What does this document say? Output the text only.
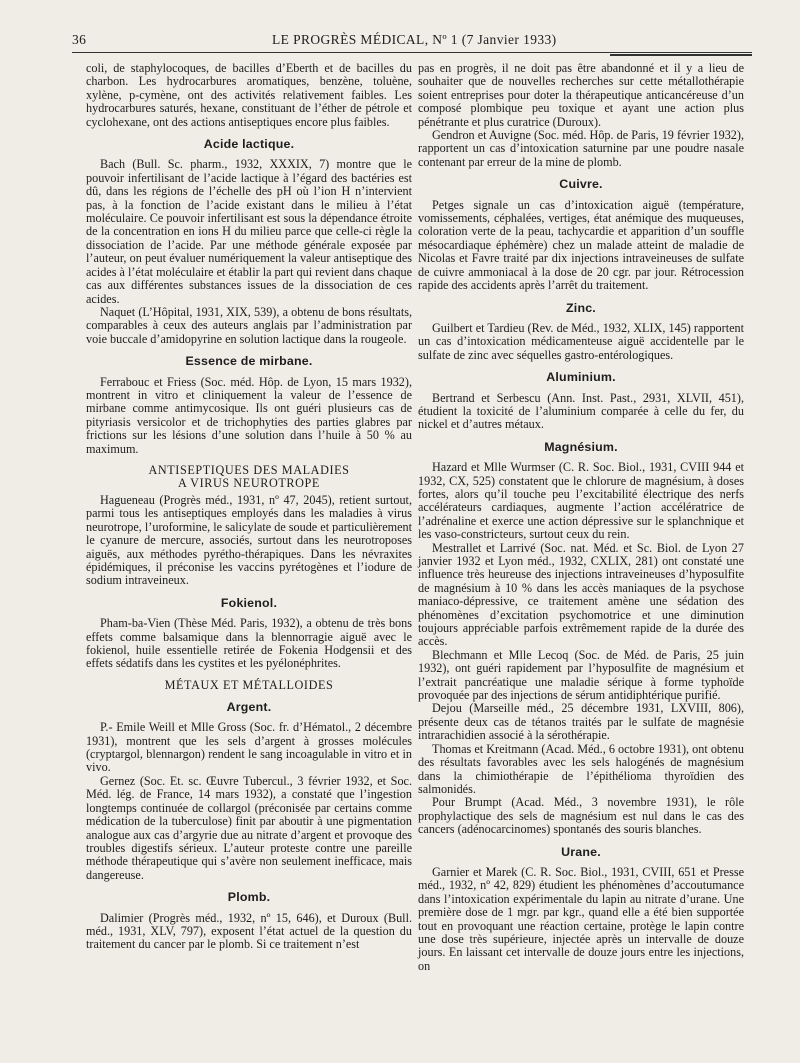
36	LE PROGRÈS MÉDICAL, Nº 1 (7 Janvier 1933)

coli, de staphylocoques, de bacilles d’Eberth et de bacilles du charbon. Les hydrocarbures aromatiques, benzène, toluène, xylène, p-cymène, ont des activités relativement faibles. Les hydrocarbures saturés, hexane, constituant de l’éther de pétrole et cyclohexane, ont des actions antiseptiques encore plus faibles.

Acide lactique.

Bach (Bull. Sc. pharm., 1932, XXXIX, 7) montre que le pouvoir infertilisant de l’acide lactique à l’égard des bactéries est dû, dans les régions de l’échelle des pH où l’ion H n’intervient pas, à la fonction de l’acide existant dans le milieu à l’état moléculaire. Ce pouvoir infertilisant est sous la dépendance étroite de la concentration en ions H du milieu parce que celle-ci règle la dissociation de l’acide. Par une méthode générale exposée par l’auteur, on peut évaluer numériquement la valeur antiseptique des acides à l’état moléculaire et établir la part qui revient dans chaque cas aux différentes substances issues de la dissociation de ces acides.

Naquet (L’Hôpital, 1931, XIX, 539), a obtenu de bons résultats, comparables à ceux des auteurs anglais par l’administration par voie buccale d’amidopyrine en solution lactique dans la rougeole.

Essence de mirbane.

Ferrabouc et Friess (Soc. méd. Hôp. de Lyon, 15 mars 1932), montrent in vitro et cliniquement la valeur de l’essence de mirbane comme antimycosique. Ils ont guéri plusieurs cas de pityriasis versicolor et de trichophyties des parties glabres par frictions sur les lésions d’une solution dans l’huile à 50 % au maximum.

ANTISEPTIQUES DES MALADIES
A VIRUS NEUROTROPE

Hagueneau (Progrès méd., 1931, nº 47, 2045), retient surtout, parmi tous les antiseptiques employés dans les maladies à virus neurotrope, l’uroformine, le salicylate de soude et particulièrement le cyanure de mercure, associés, surtout dans les neurotroposes aiguës, aux méthodes pyrétho-thérapiques. Dans les névraxites épidémiques, il préconise les vaccins pyrétogènes et l’iodure de sodium intraveineux.

Fokienol.

Pham-ba-Vien (Thèse Méd. Paris, 1932), a obtenu de très bons effets comme balsamique dans la blennorragie aiguë avec le fokienol, huile essentielle retirée de Fokenia Hodgensii et des effets sédatifs dans les cystites et les pyélonéphrites.

MÉTAUX ET MÉTALLOIDES
Argent.

P.- Emile Weill et Mlle Gross (Soc. fr. d’Hématol., 2 décembre 1931), montrent que les sels d’argent à grosses molécules (cryptargol, blennargon) rendent le sang incoagulable in vitro et in vivo.

Gernez (Soc. Et. sc. Œuvre Tubercul., 3 février 1932, et Soc. Méd. lég. de France, 14 mars 1932), a constaté que l’ingestion longtemps continuée de collargol (préconisée par certains comme médication de la tuberculose) finit par aboutir à une pigmentation analogue aux cas d’argyrie due au nitrate d’argent et provoque des troubles digestifs sérieux. L’auteur proteste contre une pareille méthode thérapeutique qui s’avère non seulement inefficace, mais dangereuse.

Plomb.

Dalimier (Progrès méd., 1932, nº 15, 646), et Duroux (Bull. méd., 1931, XLV, 797), exposent l’état actuel de la question du traitement du cancer par le plomb. Si ce traitement n’est

pas en progrès, il ne doit pas être abandonné et il y a lieu de souhaiter que de nouvelles recherches sur cette métallothérapie soient entreprises pour doter la thérapeutique anticancéreuse d’un composé plombique peu toxique et ayant une action plus pénétrante et plus curatrice (Duroux).

Gendron et Auvigne (Soc. méd. Hôp. de Paris, 19 février 1932), rapportent un cas d’intoxication saturnine par une poudre nasale contenant par erreur de la mine de plomb.

Cuivre.

Petges signale un cas d’intoxication aiguë (température, vomissements, céphalées, vertiges, état anémique des muqueuses, coloration verte de la peau, tachycardie et apparition d’un souffle mésocardiaque éphémère) chez un malade atteint de maladie de Nicolas et Favre traité par dix injections intraveineuses de sulfate de cuivre ammoniacal à la dose de 20 cgr. par jour. Rétrocession rapide des accidents après l’arrêt du traitement.

Zinc.

Guilbert et Tardieu (Rev. de Méd., 1932, XLIX, 145) rapportent un cas d’intoxication médicamenteuse aiguë accidentelle par le sulfate de zinc avec séquelles gastro-entérologiques.

Aluminium.

Bertrand et Serbescu (Ann. Inst. Past., 2931, XLVII, 451), étudient la toxicité de l’aluminium comparée à celle du fer, du nickel et d’autres métaux.

Magnésium.

Hazard et Mlle Wurmser (C. R. Soc. Biol., 1931, CVIII 944 et 1932, CX, 525) constatent que le chlorure de magnésium, à doses fortes, alors qu’il touche peu l’excitabilité électrique des nerfs accélérateurs cardiaques, augmente l’action accélératrice de l’adrénaline et exerce une action dépressive sur le splanchnique et les vaso-constricteurs, surtout ceux du rein.

Mestrallet et Larrivé (Soc. nat. Méd. et Sc. Biol. de Lyon 27 janvier 1932 et Lyon méd., 1932, CXLIX, 281) ont constaté une influence très heureuse des injections intraveineuses d’hyposulfite de magnésium à 10 % dans les accès maniaques de la psychose maniaco-dépressive, ce traitement amène une sédation des phénomènes d’excitation psychomotrice et une diminution toujours appréciable parfois extrêmement rapide de la durée des accès.

Blechmann et Mlle Lecoq (Soc. de Méd. de Paris, 25 juin 1932), ont guéri rapidement par l’hyposulfite de magnésium et l’extrait pancréatique une maladie sérique à forme typhoïde provoquée par des injections de sérum antidiphtérique purifié.

Dejou (Marseille méd., 25 décembre 1931, LXVIII, 806), présente deux cas de tétanos traités par le sulfate de magnésie intrarachidien associé à la sérothérapie.

Thomas et Kreitmann (Acad. Méd., 6 octobre 1931), ont obtenu des résultats favorables avec les sels halogénés de magnésium dans la chimiothérapie de l’épithélioma thyroïdien des salmonidés.

Pour Brumpt (Acad. Méd., 3 novembre 1931), le rôle prophylactique des sels de magnésium est nul dans le cas des cancers (adénocarcinomes) spontanés des souris blanches.

Urane.

Garnier et Marek (C. R. Soc. Biol., 1931, CVIII, 651 et Presse méd., 1932, nº 42, 829) étudient les phénomènes d’accoutumance dans l’intoxication expérimentale du lapin au nitrate d’urane. Une première dose de 1 mgr. par kgr., quand elle a été bien supportée tout en provoquant une réaction certaine, protège le lapin contre une dose très supérieure, injectée après un intervalle de douze jours. En laissant cet intervalle de douze jours entre les injections, on
